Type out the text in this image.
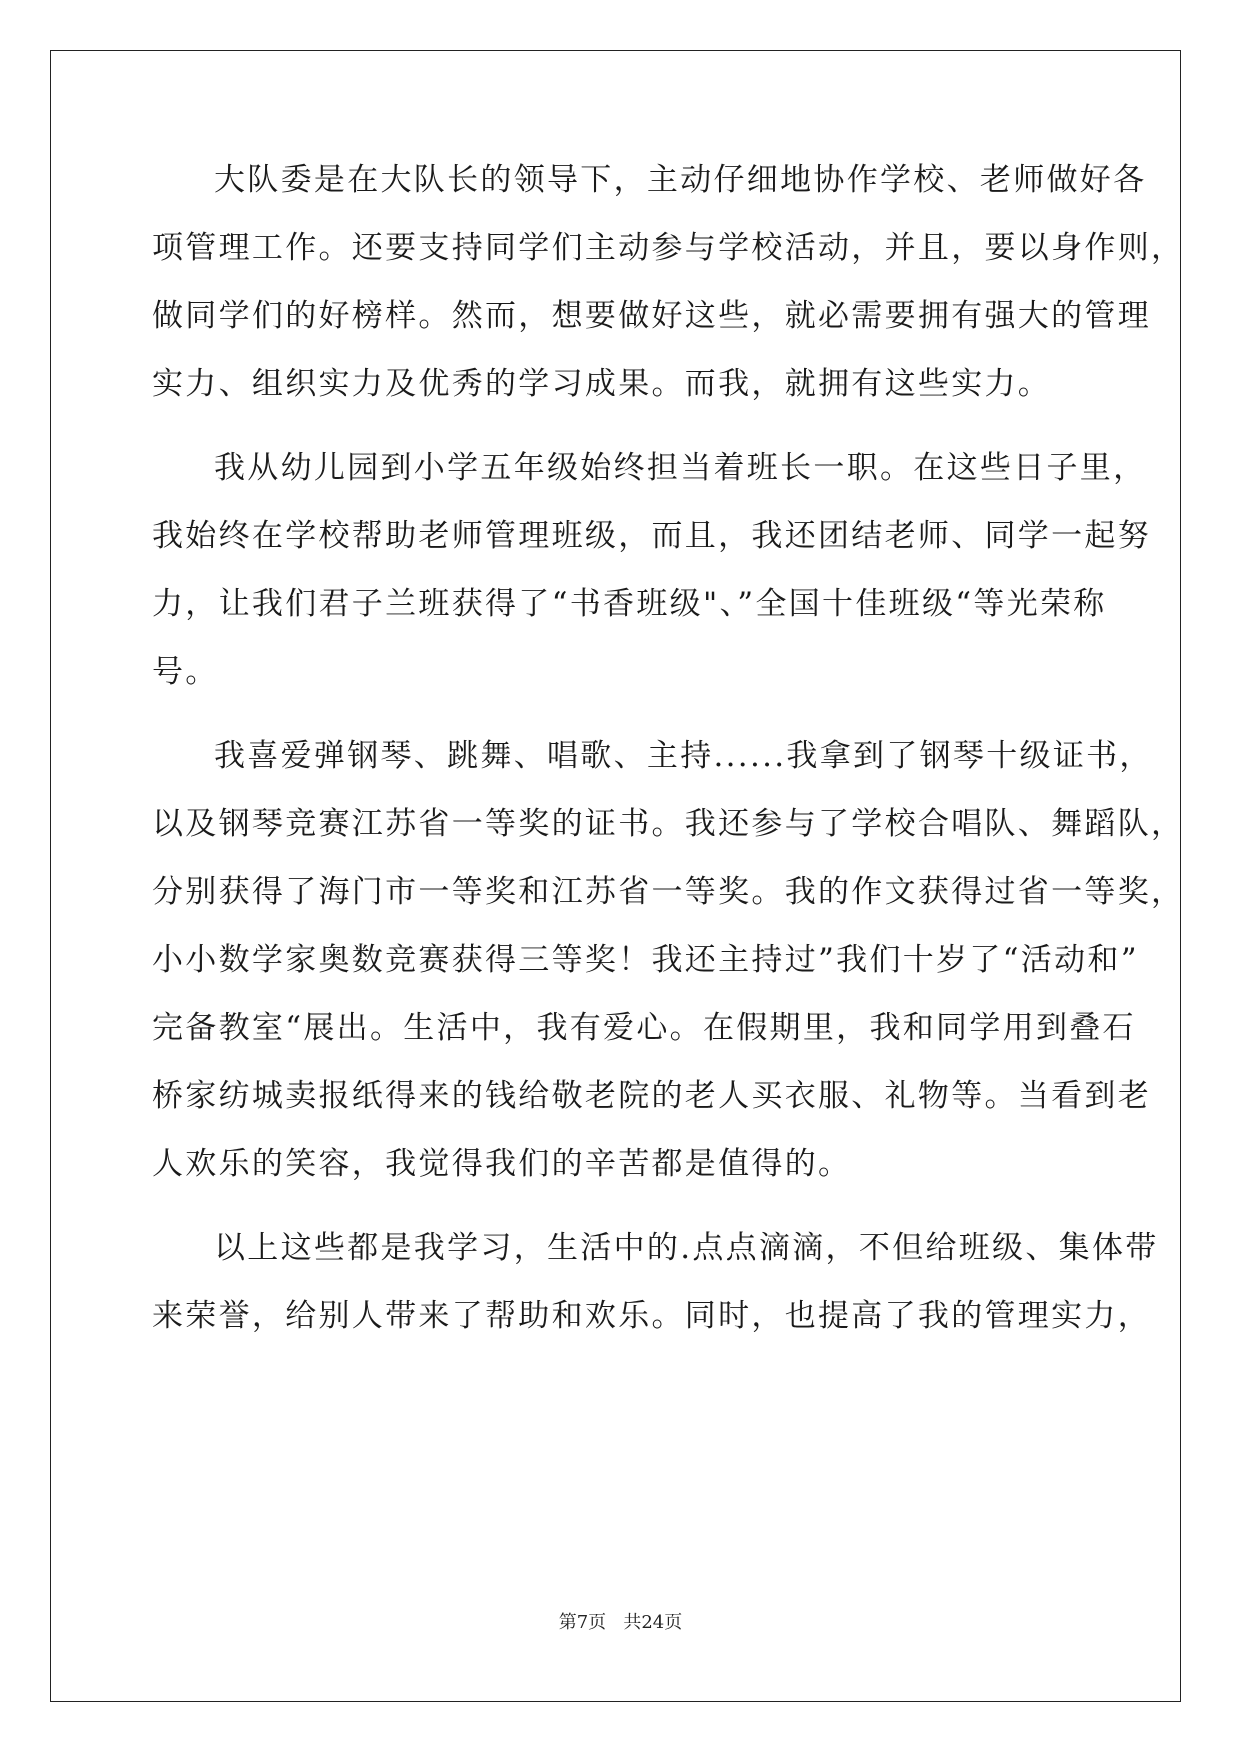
大队委是在大队长的领导下，主动仔细地协作学校、老师做好各
项管理工作。还要支持同学们主动参与学校活动，并且，要以身作则，
做同学们的好榜样。然而，想要做好这些，就必需要拥有强大的管理
实力、组织实力及优秀的学习成果。而我，就拥有这些实力。
我从幼儿园到小学五年级始终担当着班长一职。在这些日子里，
我始终在学校帮助老师管理班级，而且，我还团结老师、同学一起努
力，让我们君子兰班获得了“书香班级"、”全国十佳班级“等光荣称
号。
我喜爱弹钢琴、跳舞、唱歌、主持......我拿到了钢琴十级证书，
以及钢琴竞赛江苏省一等奖的证书。我还参与了学校合唱队、舞蹈队，
分别获得了海门市一等奖和江苏省一等奖。我的作文获得过省一等奖，
小小数学家奥数竞赛获得三等奖！我还主持过”我们十岁了“活动和”
完备教室“展出。生活中，我有爱心。在假期里，我和同学用到叠石
桥家纺城卖报纸得来的钱给敬老院的老人买衣服、礼物等。当看到老
人欢乐的笑容，我觉得我们的辛苦都是值得的。
以上这些都是我学习，生活中的.点点滴滴，不但给班级、集体带
来荣誉，给别人带来了帮助和欢乐。同时，也提高了我的管理实力，
第7页   共24页
